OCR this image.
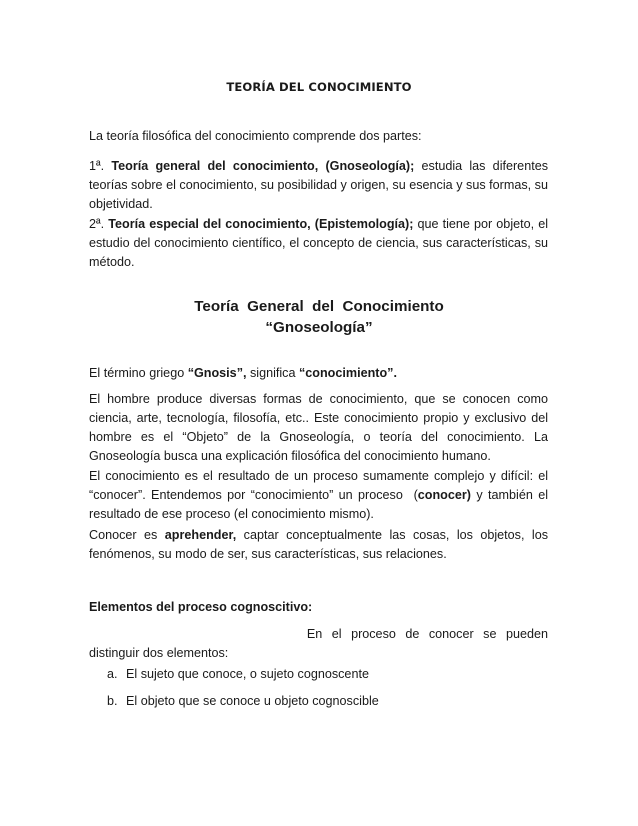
TEORÍA DEL CONOCIMIENTO
La teoría filosófica del conocimiento comprende dos partes:
1ª. Teoría general del conocimiento, (Gnoseología); estudia las diferentes teorías sobre el conocimiento, su posibilidad y origen, su esencia y sus formas, su objetividad.
2ª. Teoría especial del conocimiento, (Epistemología); que tiene por objeto, el estudio del conocimiento científico, el concepto de ciencia, sus características, su método.
Teoría  General  del  Conocimiento
“Gnoseología”
El término griego “Gnosis”, significa “conocimiento”.
El hombre produce diversas formas de conocimiento, que se conocen como ciencia, arte, tecnología, filosofía, etc.. Este conocimiento propio y exclusivo del hombre es el “Objeto” de la Gnoseología, o teoría del conocimiento. La Gnoseología busca una explicación filosófica del conocimiento humano.
El conocimiento es el resultado de un proceso sumamente complejo y difícil: el “conocer”. Entendemos por “conocimiento” un proceso  (conocer) y también el resultado de ese proceso (el conocimiento mismo).
Conocer es aprehender, captar conceptualmente las cosas, los objetos, los fenómenos, su modo de ser, sus características, sus relaciones.
Elementos del proceso cognoscitivo:
En el proceso de conocer se pueden
distinguir dos elementos:
a. El sujeto que conoce, o sujeto cognoscente
b. El objeto que se conoce u objeto cognoscible
